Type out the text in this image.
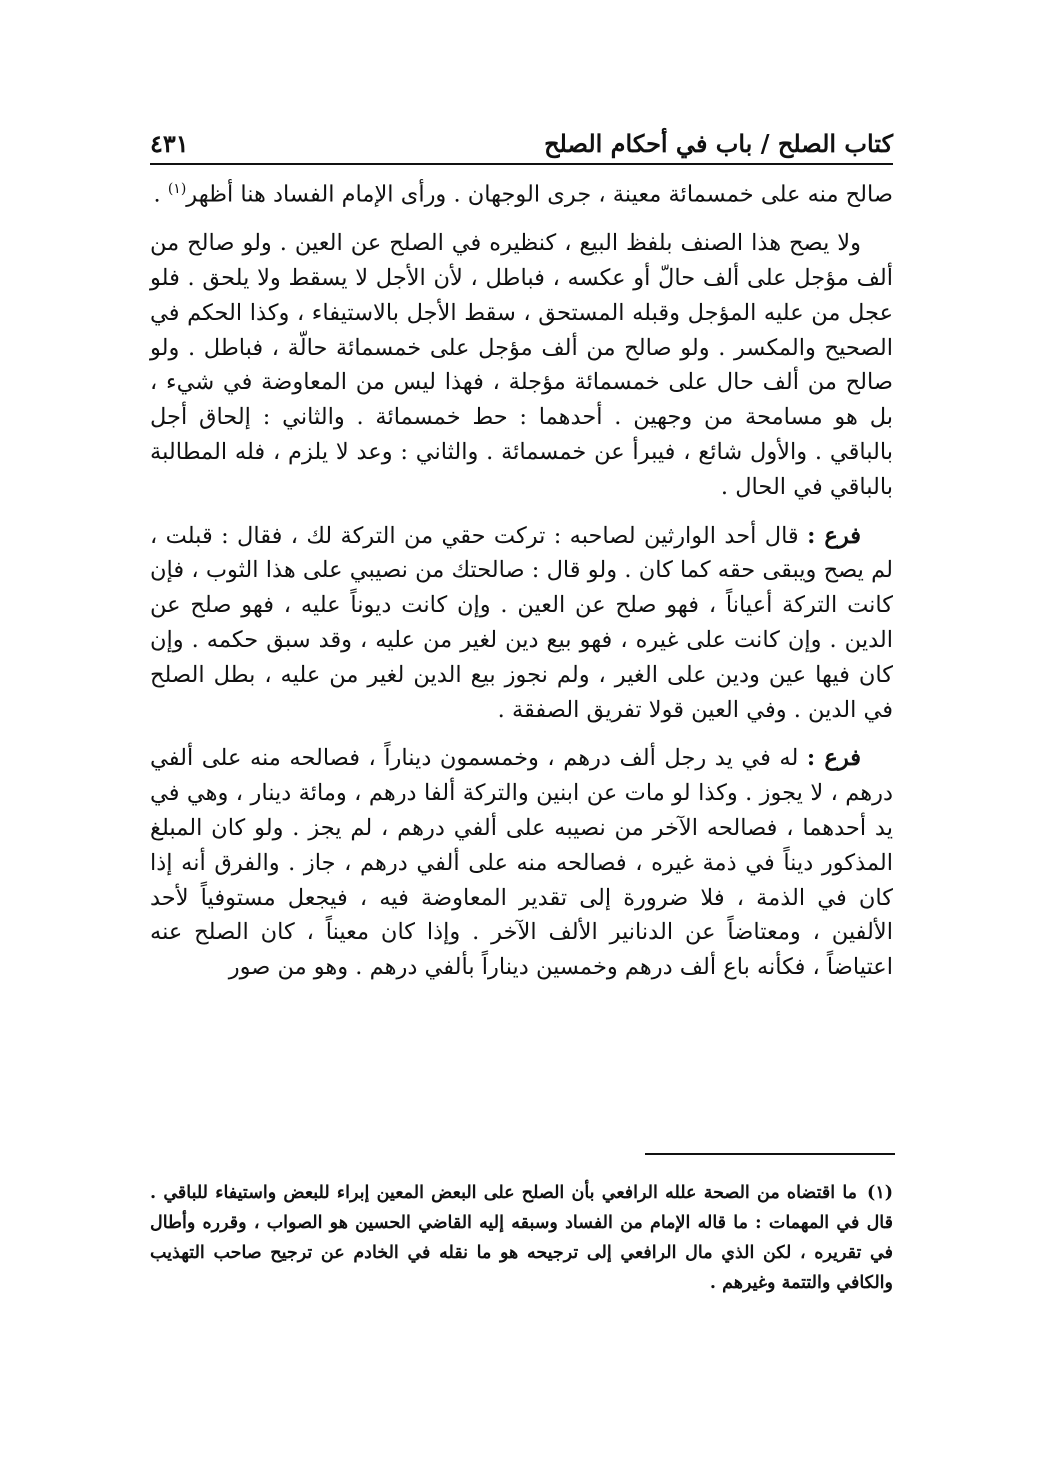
كتاب الصلح / باب في أحكام الصلح
٤٣١

صالح منه على خمسمائة معينة ، جرى الوجهان . ورأى الإمام الفساد هنا أظهر$^{(١)}$ .

ولا يصح هذا الصنف بلفظ البيع ، كنظيره في الصلح عن العين . ولو صالح من ألف مؤجل على ألف حالّ أو عكسه ، فباطل ، لأن الأجل لا يسقط ولا يلحق . فلو عجل من عليه المؤجل وقبله المستحق ، سقط الأجل بالاستيفاء ، وكذا الحكم في الصحيح والمكسر . ولو صالح من ألف مؤجل على خمسمائة حالّة ، فباطل . ولو صالح من ألف حال على خمسمائة مؤجلة ، فهذا ليس من المعاوضة في شيء ، بل هو مسامحة من وجهين . أحدهما : حط خمسمائة . والثاني : إلحاق أجل بالباقي . والأول شائع ، فيبرأ عن خمسمائة . والثاني : وعد لا يلزم ، فله المطالبة بالباقي في الحال .

فرع : قال أحد الوارثين لصاحبه : تركت حقي من التركة لك ، فقال : قبلت ، لم يصح ويبقى حقه كما كان . ولو قال : صالحتك من نصيبي على هذا الثوب ، فإن كانت التركة أعياناً ، فهو صلح عن العين . وإن كانت ديوناً عليه ، فهو صلح عن الدين . وإن كانت على غيره ، فهو بيع دين لغير من عليه ، وقد سبق حكمه . وإن كان فيها عين ودين على الغير ، ولم نجوز بيع الدين لغير من عليه ، بطل الصلح في الدين . وفي العين قولا تفريق الصفقة .

فرع : له في يد رجل ألف درهم ، وخمسمون ديناراً ، فصالحه منه على ألفي درهم ، لا يجوز . وكذا لو مات عن ابنين والتركة ألفا درهم ، ومائة دينار ، وهي في يد أحدهما ، فصالحه الآخر من نصيبه على ألفي درهم ، لم يجز . ولو كان المبلغ المذكور ديناً في ذمة غيره ، فصالحه منه على ألفي درهم ، جاز . والفرق أنه إذا كان في الذمة ، فلا ضرورة إلى تقدير المعاوضة فيه ، فيجعل مستوفياً لأحد الألفين ، ومعتاضاً عن الدنانير الألف الآخر . وإذا كان معيناً ، كان الصلح عنه اعتياضاً ، فكأنه باع ألف درهم وخمسين ديناراً بألفي درهم . وهو من صور

(١)ما اقتضاه من الصحة علله الرافعي بأن الصلح على البعض المعين إبراء للبعض واستيفاء للباقي . قال في المهمات : ما قاله الإمام من الفساد وسبقه إليه القاضي الحسين هو الصواب ، وقرره وأطال في تقريره ، لكن الذي مال الرافعي إلى ترجيحه هو ما نقله في الخادم عن ترجيح صاحب التهذيب والكافي والتتمة وغيرهم .
